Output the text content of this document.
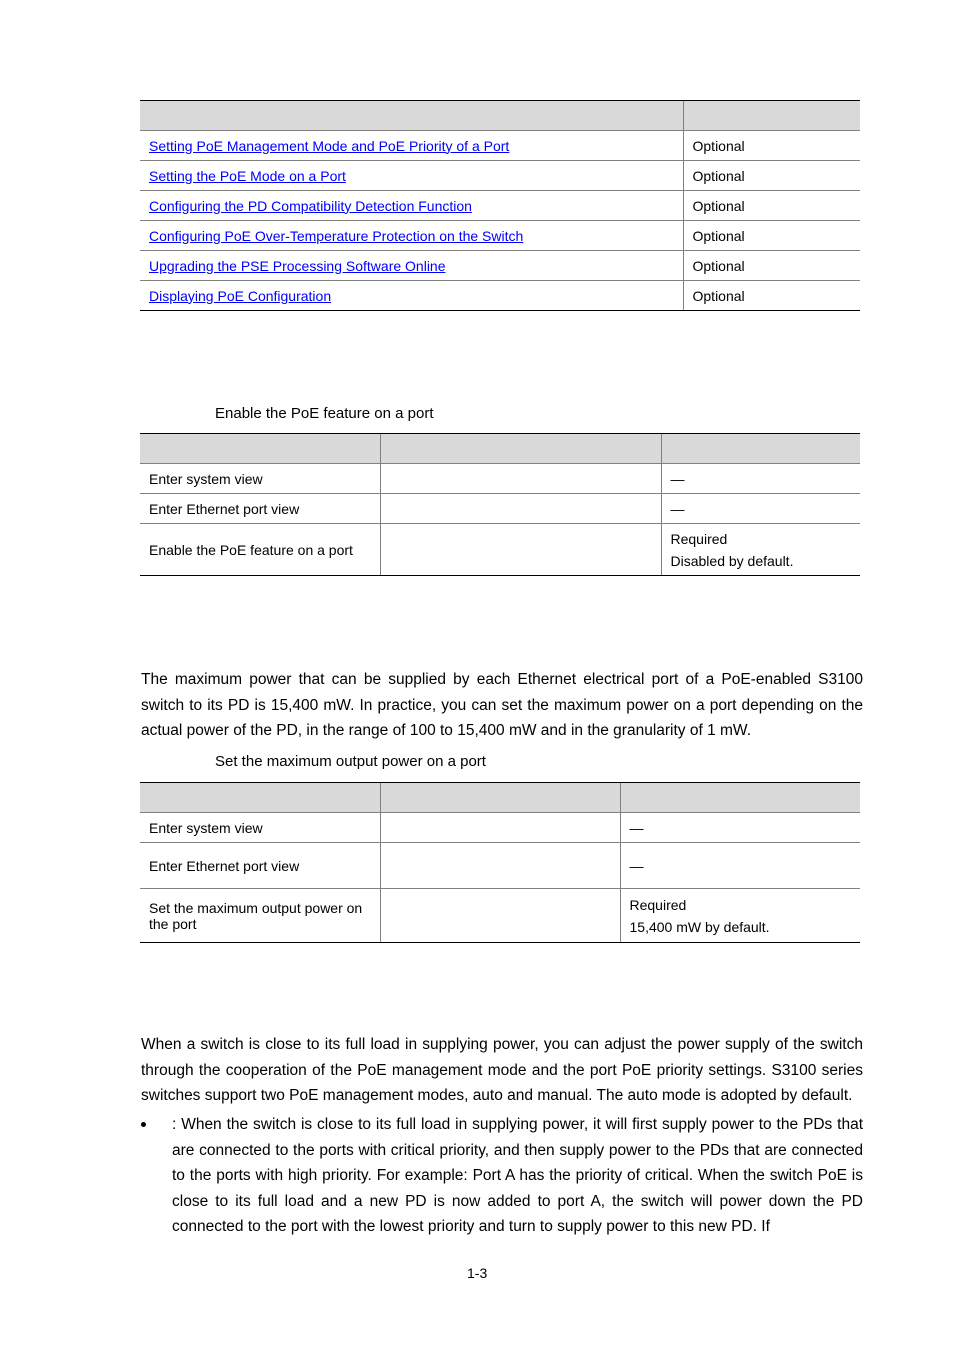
Setting PoE Management Mode and PoE Priority of a Port	Optional
Setting the PoE Mode on a Port	Optional
Configuring the PD Compatibility Detection Function	Optional
Configuring PoE Over-Temperature Protection on the Switch	Optional
Upgrading the PSE Processing Software Online	Optional
Displaying PoE Configuration	Optional
Enable the PoE feature on a port

Enter system view		—
Enter Ethernet port view		—
Enable the PoE feature on a port		Required
Disabled by default.
The maximum power that can be supplied by each Ethernet electrical port of a PoE-enabled S3100 switch to its PD is 15,400 mW. In practice, you can set the maximum power on a port depending on the actual power of the PD, in the range of 100 to 15,400 mW and in the granularity of 1 mW.
Set the maximum output power on a port

Enter system view		—
Enter Ethernet port view		—
Set the maximum output power on the port		Required
15,400 mW by default.
When a switch is close to its full load in supplying power, you can adjust the power supply of the switch through the cooperation of the PoE management mode and the port PoE priority settings. S3100 series switches support two PoE management modes, auto and manual. The auto mode is adopted by default.
: When the switch is close to its full load in supplying power, it will first supply power to the PDs that are connected to the ports with critical priority, and then supply power to the PDs that are connected to the ports with high priority. For example: Port A has the priority of critical. When the switch PoE is close to its full load and a new PD is now added to port A, the switch will power down the PD connected to the port with the lowest priority and turn to supply power to this new PD. If
1-3
